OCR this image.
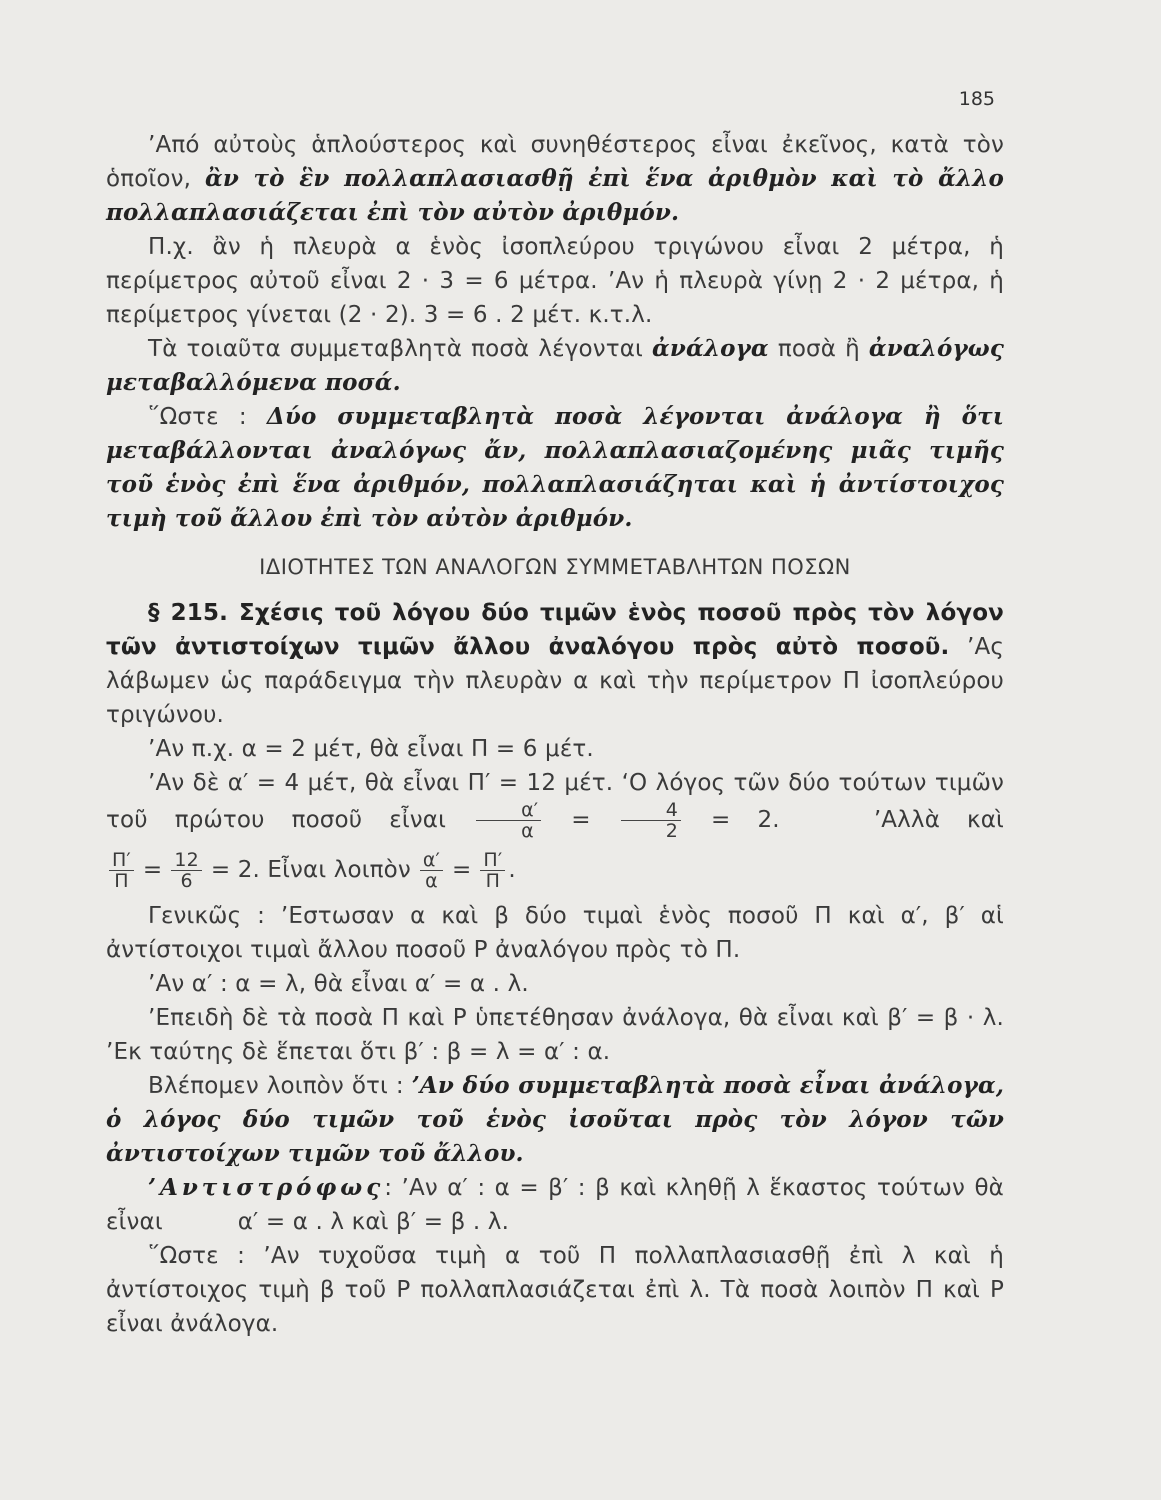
185
’Από αὐτοὺς ἁπλούστερος καὶ συνηθέστερος εἶναι ἐκεῖνος, κατὰ τὸν ὁποῖον, ἂν τὸ ἓν πολλαπλασιασθῇ ἐπὶ ἕνα ἀριθμὸν καὶ τὸ ἄλλο πολλαπλασιάζεται ἐπὶ τὸν αὐτὸν ἀριθμόν.
Π.χ. ἂν ἡ πλευρὰ α ἑνὸς ἰσοπλεύρου τριγώνου εἶναι 2 μέτρα, ἡ περίμετρος αὐτοῦ εἶναι 2 · 3 = 6 μέτρα. ’Αν ἡ πλευρὰ γίνῃ 2 · 2 μέτρα, ἡ περίμετρος γίνεται (2 · 2). 3 = 6 . 2 μέτ. κ.τ.λ.
Τὰ τοιαῦτα συμμεταβλητὰ ποσὰ λέγονται ἀνάλογα ποσὰ ἢ ἀναλόγως μεταβαλλόμενα ποσά.
῞Ωστε : Δύο συμμεταβλητὰ ποσὰ λέγονται ἀνάλογα ἢ ὅτι μεταβάλλονται ἀναλόγως ἄν, πολλαπλασιαζομένης μιᾶς τιμῆς τοῦ ἑνὸς ἐπὶ ἕνα ἀριθμόν, πολλαπλασιάζηται καὶ ἡ ἀντίστοιχος τιμὴ τοῦ ἄλλου ἐπὶ τὸν αὐτὸν ἀριθμόν.
ΙΔΙΟΤΗΤΕΣ ΤΩΝ ΑΝΑΛΟΓΩΝ ΣΥΜΜΕΤΑΒΛΗΤΩΝ ΠΟΣΩΝ
§ 215. Σχέσις τοῦ λόγου δύο τιμῶν ἑνὸς ποσοῦ πρὸς τὸν λόγον τῶν ἀντιστοίχων τιμῶν ἄλλου ἀναλόγου πρὸς αὐτὸ ποσοῦ. ’Ας λάβωμεν ὡς παράδειγμα τὴν πλευρὰν α καὶ τὴν περίμετρον Π ἰσοπλεύρου τριγώνου.
’Αν π.χ. α = 2 μέτ, θὰ εἶναι Π = 6 μέτ.
’Αν δὲ α′ = 4 μέτ, θὰ εἶναι Π′ = 12 μέτ. ‘Ο λόγος τῶν δύο τούτων τιμῶν τοῦ πρώτου ποσοῦ εἶναι $\frac{\alpha'}{\alpha} = \frac{4}{2} = 2$.	’Αλλὰ καὶ
$\frac{\Pi'}{\Pi} = \frac{12}{6} = 2$. Εἶναι λοιπὸν $\frac{\alpha'}{\alpha} = \frac{\Pi'}{\Pi}$ .
Γενικῶς : ’Εστωσαν α καὶ β δύο τιμαὶ ἑνὸς ποσοῦ Π καὶ α′, β′ αἱ ἀντίστοιχοι τιμαὶ ἄλλου ποσοῦ Ρ ἀναλόγου πρὸς τὸ Π.
’Αν α′ : α = λ, θὰ εἶναι α′ = α . λ.
’Επειδὴ δὲ τὰ ποσὰ Π καὶ Ρ ὑπετέθησαν ἀνάλογα, θὰ εἶναι καὶ β′ = β · λ. ’Εκ ταύτης δὲ ἕπεται ὅτι β′ : β = λ = α′ : α.
Βλέπομεν λοιπὸν ὅτι : ’Αν δύο συμμεταβλητὰ ποσὰ εἶναι ἀνάλογα, ὁ λόγος δύο τιμῶν τοῦ ἑνὸς ἰσοῦται πρὸς τὸν λόγον τῶν ἀντιστοίχων τιμῶν τοῦ ἄλλου.
’Αντιστρόφως: ’Αν α′ : α = β′ : β καὶ κληθῇ λ ἕκαστος τούτων θὰ εἶναι	α′ = α . λ καὶ β′ = β . λ.
῞Ωστε : ’Αν τυχοῦσα τιμὴ α τοῦ Π πολλαπλασιασθῇ ἐπὶ λ καὶ ἡ ἀντίστοιχος τιμὴ β τοῦ Ρ πολλαπλασιάζεται ἐπὶ λ. Τὰ ποσὰ λοιπὸν Π καὶ Ρ εἶναι ἀνάλογα.
